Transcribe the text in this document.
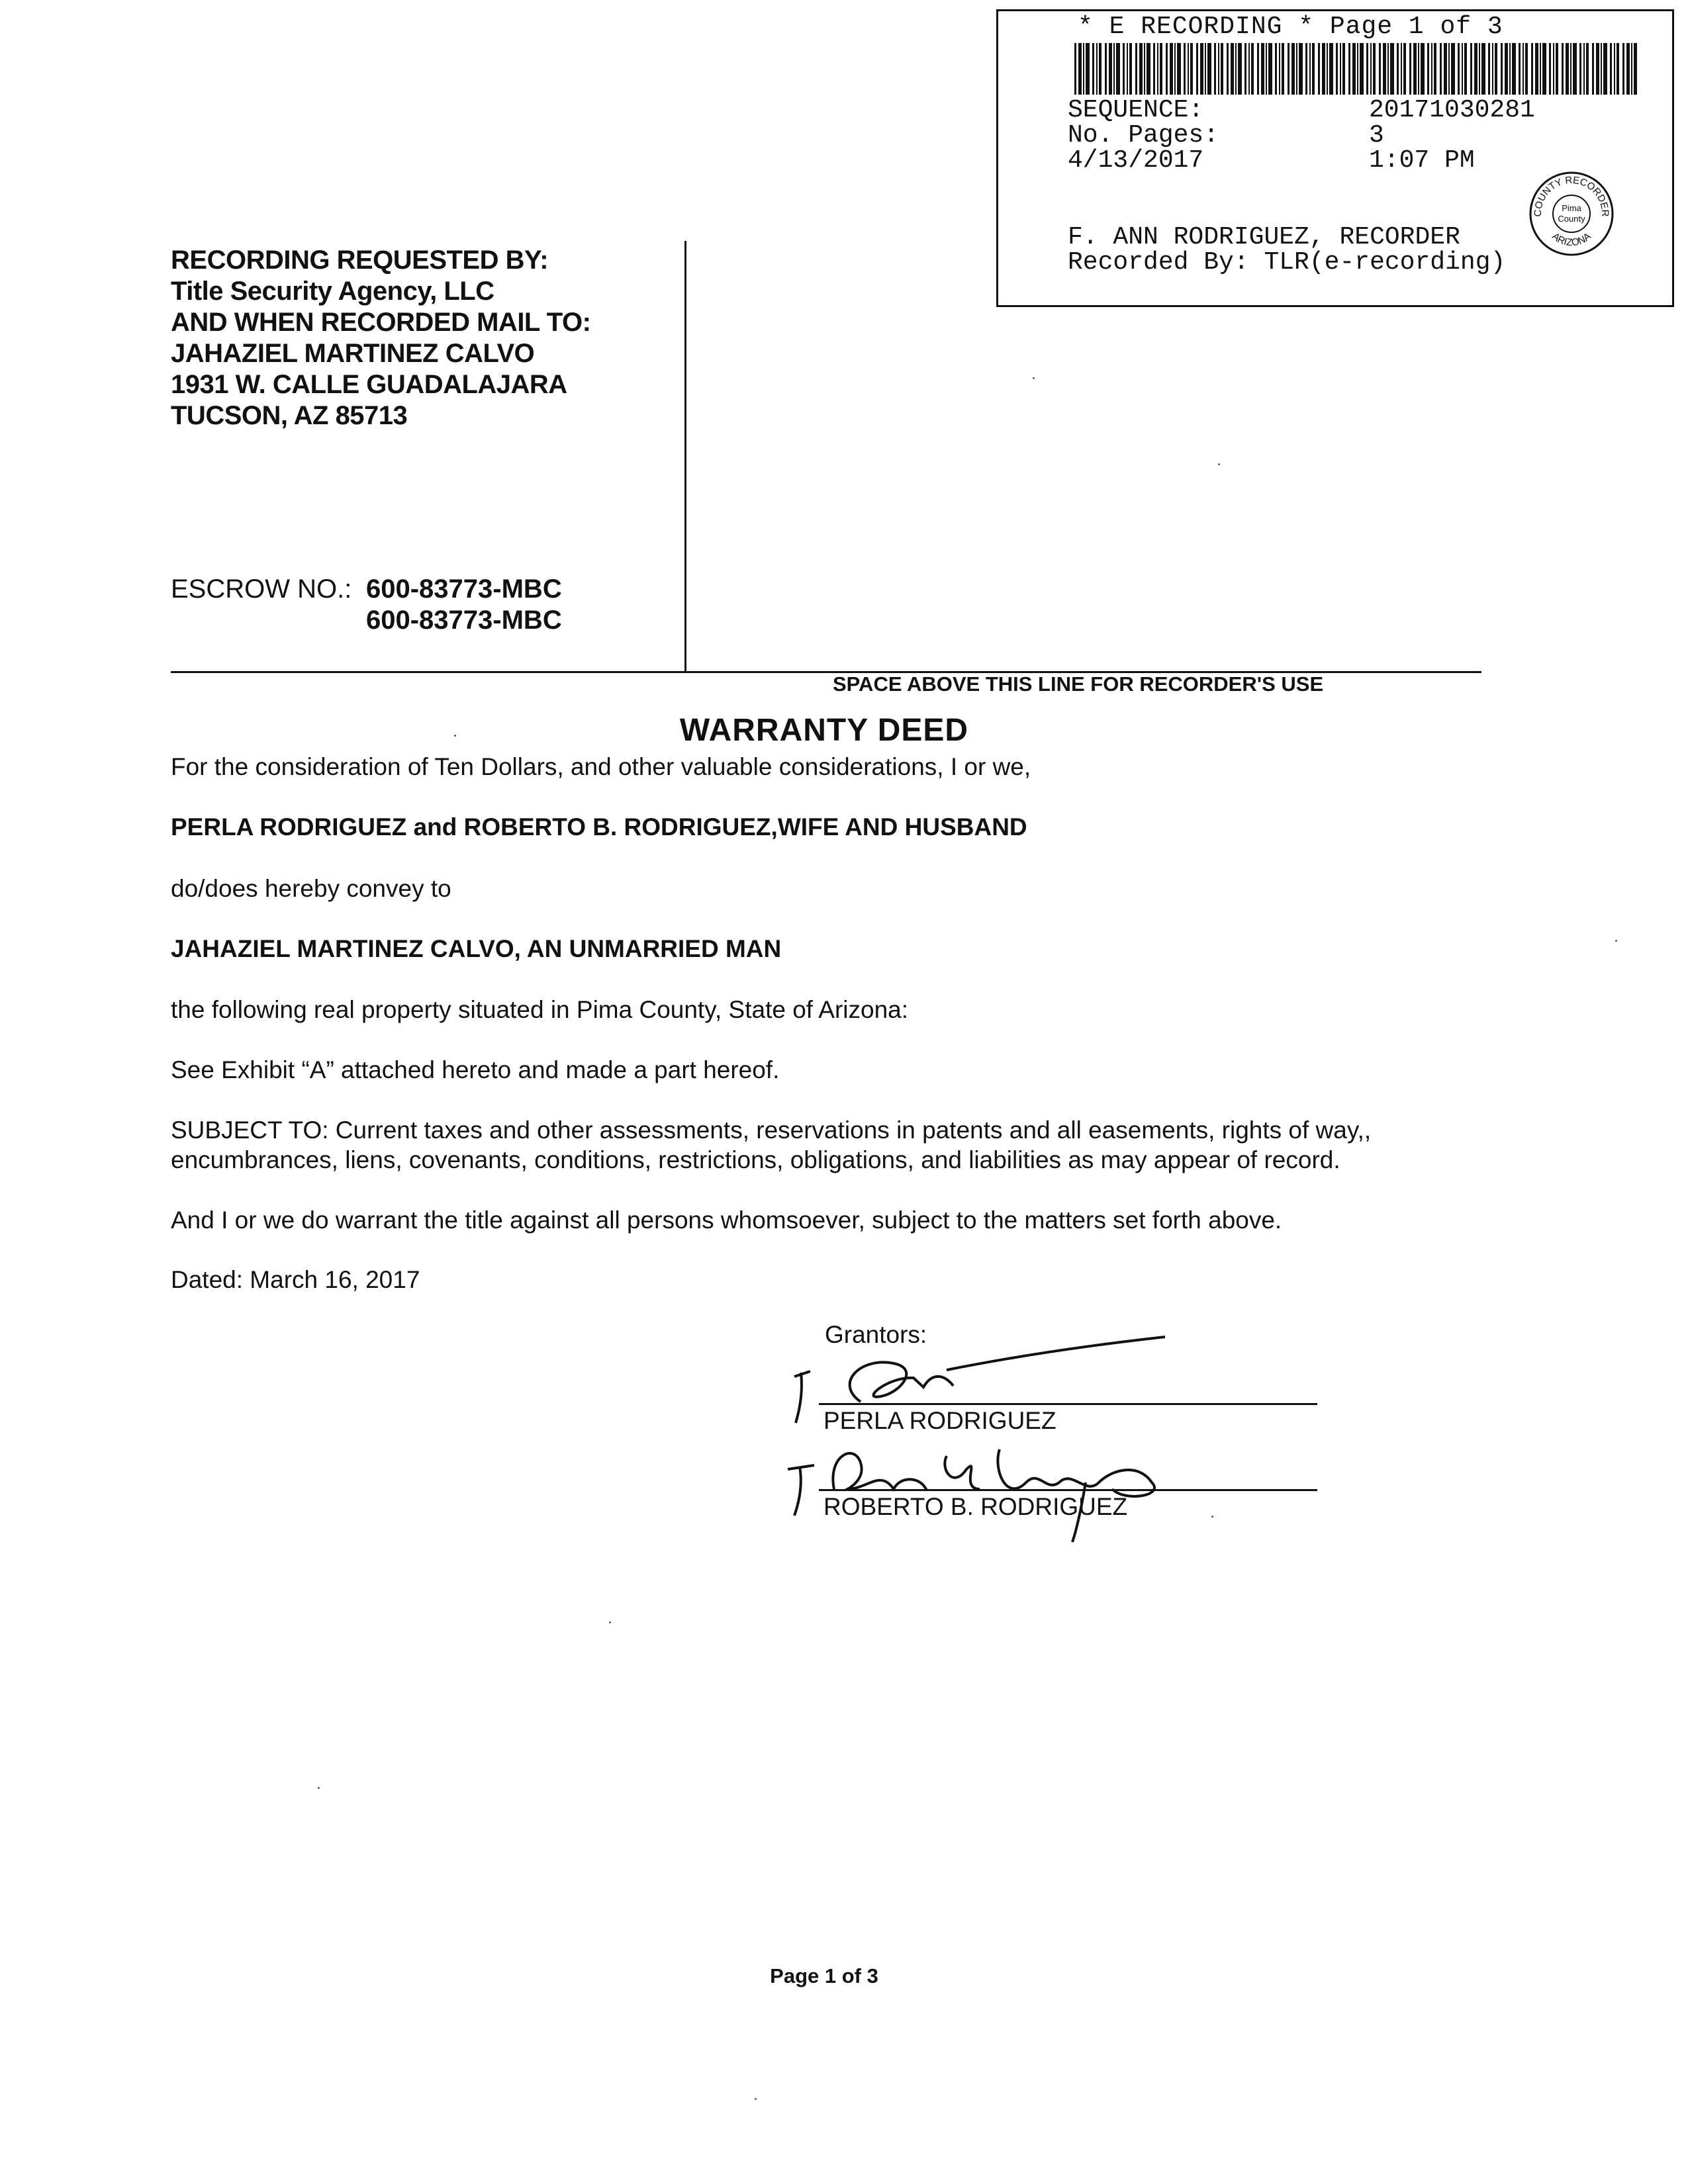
* E RECORDING * Page 1 of 3
SEQUENCE:	20171030281
No. Pages:	3
4/13/2017	1:07 PM
F. ANN RODRIGUEZ, RECORDER
Recorded By: TLR(e-recording)
COUNTY RECORDER
ARIZONA
Pima
County
RECORDING REQUESTED BY:
Title Security Agency, LLC
AND WHEN RECORDED MAIL TO:
JAHAZIEL MARTINEZ CALVO
1931 W. CALLE GUADALAJARA
TUCSON, AZ 85713
ESCROW NO.: 600-83773-MBC
600-83773-MBC
SPACE ABOVE THIS LINE FOR RECORDER'S USE
WARRANTY DEED
For the consideration of Ten Dollars, and other valuable considerations, I or we,
PERLA RODRIGUEZ and ROBERTO B. RODRIGUEZ,WIFE AND HUSBAND
do/does hereby convey to
JAHAZIEL MARTINEZ CALVO, AN UNMARRIED MAN
the following real property situated in Pima County, State of Arizona:
See Exhibit “A” attached hereto and made a part hereof.
SUBJECT TO: Current taxes and other assessments, reservations in patents and all easements, rights of way,,
encumbrances, liens, covenants, conditions, restrictions, obligations, and liabilities as may appear of record.
And I or we do warrant the title against all persons whomsoever, subject to the matters set forth above.
Dated: March 16, 2017
Grantors:
PERLA RODRIGUEZ
ROBERTO B. RODRIGUEZ
Page 1 of 3
